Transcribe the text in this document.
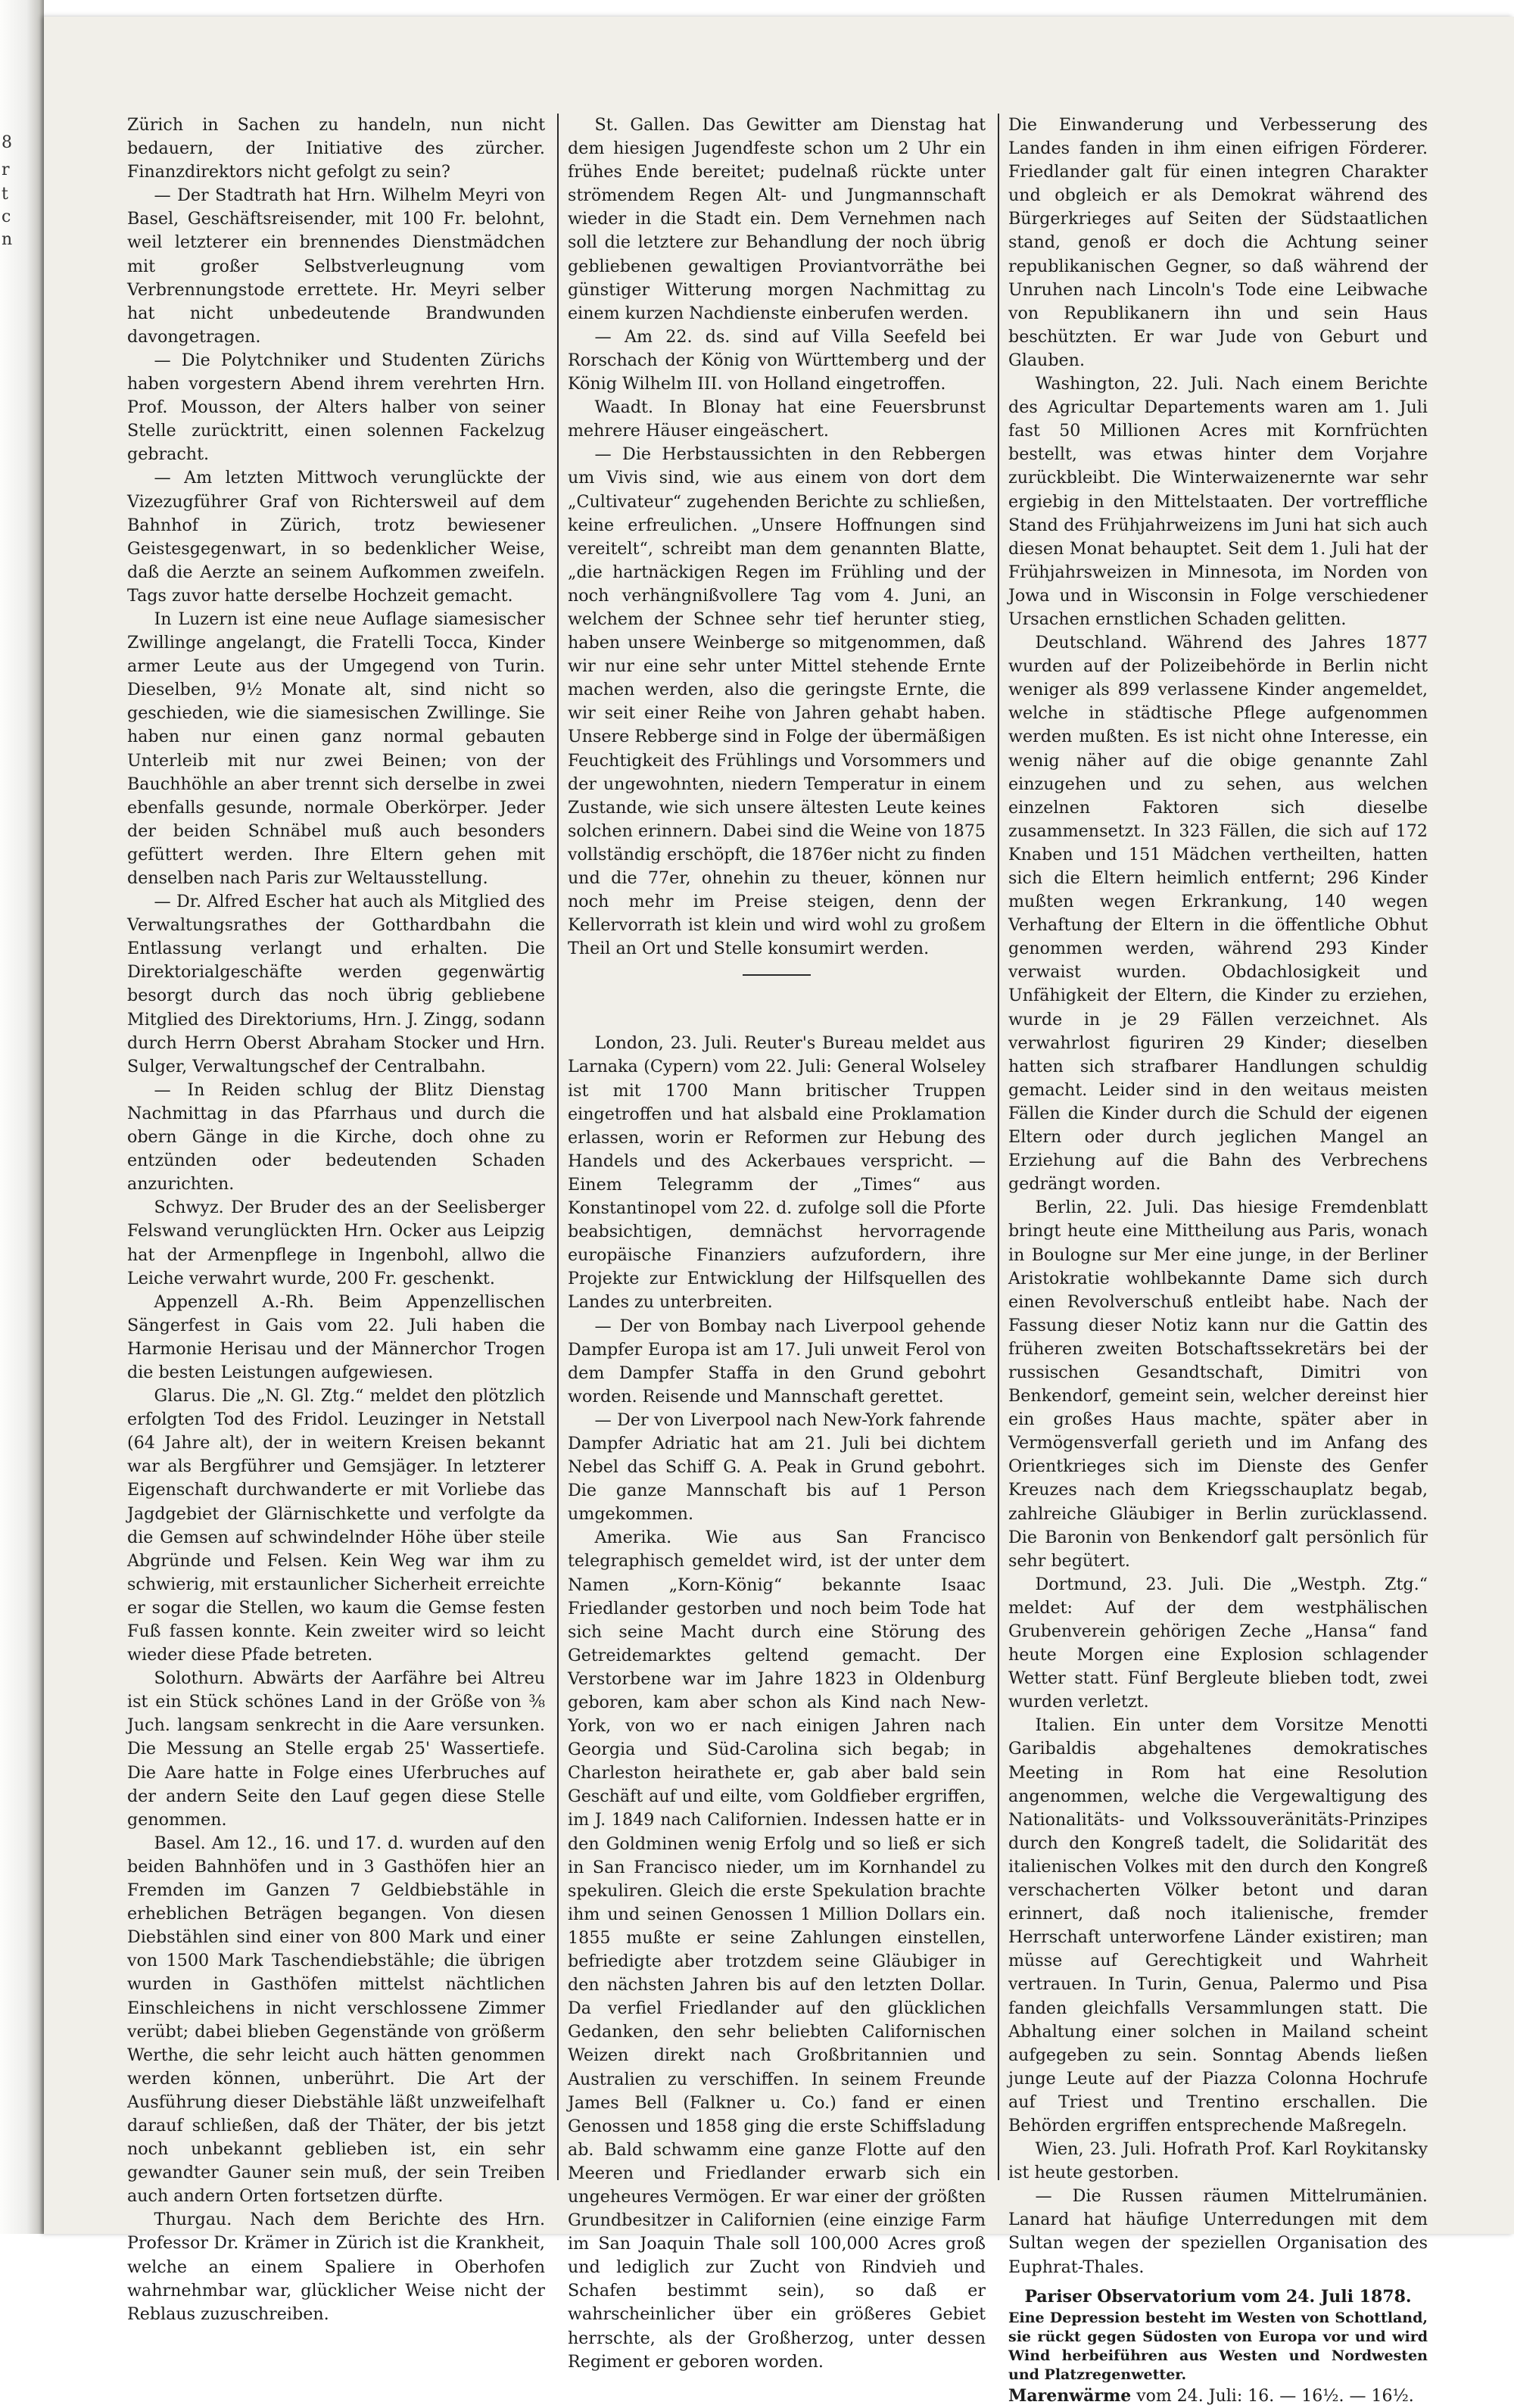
8
r
t
c
n

Zürich in Sachen zu handeln, nun nicht bedauern, der Initiative des zürcher. Finanzdirektors nicht gefolgt zu sein?

— Der Stadtrath hat Hrn. Wilhelm Meyri von Basel, Geschäftsreisender, mit 100 Fr. belohnt, weil letzterer ein brennendes Dienstmädchen mit großer Selbstverleugnung vom Verbrennungstode errettete. Hr. Meyri selber hat nicht unbedeutende Brandwunden davongetragen.

— Die Polytchniker und Studenten Zürichs haben vorgestern Abend ihrem verehrten Hrn. Prof. Mousson, der Alters halber von seiner Stelle zurücktritt, einen solennen Fackelzug gebracht.

— Am letzten Mittwoch verunglückte der Vizezugführer Graf von Richtersweil auf dem Bahnhof in Zürich, trotz bewiesener Geistesgegenwart, in so bedenklicher Weise, daß die Aerzte an seinem Aufkommen zweifeln. Tags zuvor hatte derselbe Hochzeit gemacht.

In Luzern ist eine neue Auflage siamesischer Zwillinge angelangt, die Fratelli Tocca, Kinder armer Leute aus der Umgegend von Turin. Dieselben, 9½ Monate alt, sind nicht so geschieden, wie die siamesischen Zwillinge. Sie haben nur einen ganz normal gebauten Unterleib mit nur zwei Beinen; von der Bauchhöhle an aber trennt sich derselbe in zwei ebenfalls gesunde, normale Oberkörper. Jeder der beiden Schnäbel muß auch besonders gefüttert werden. Ihre Eltern gehen mit denselben nach Paris zur Weltausstellung.

— Dr. Alfred Escher hat auch als Mitglied des Verwaltungsrathes der Gotthardbahn die Entlassung verlangt und erhalten. Die Direktorialgeschäfte werden gegenwärtig besorgt durch das noch übrig gebliebene Mitglied des Direktoriums, Hrn. J. Zingg, sodann durch Herrn Oberst Abraham Stocker und Hrn. Sulger, Verwaltungschef der Centralbahn.

— In Reiden schlug der Blitz Dienstag Nachmittag in das Pfarrhaus und durch die obern Gänge in die Kirche, doch ohne zu entzünden oder bedeutenden Schaden anzurichten.

Schwyz. Der Bruder des an der Seelisberger Felswand verunglückten Hrn. Ocker aus Leipzig hat der Armenpflege in Ingenbohl, allwo die Leiche verwahrt wurde, 200 Fr. geschenkt.

Appenzell A.-Rh. Beim Appenzellischen Sängerfest in Gais vom 22. Juli haben die Harmonie Herisau und der Männerchor Trogen die besten Leistungen aufgewiesen.

Glarus. Die „N. Gl. Ztg.“ meldet den plötzlich erfolgten Tod des Fridol. Leuzinger in Netstall (64 Jahre alt), der in weitern Kreisen bekannt war als Bergführer und Gemsjäger. In letzterer Eigenschaft durchwanderte er mit Vorliebe das Jagdgebiet der Glärnischkette und verfolgte da die Gemsen auf schwindelnder Höhe über steile Abgründe und Felsen. Kein Weg war ihm zu schwierig, mit erstaunlicher Sicherheit erreichte er sogar die Stellen, wo kaum die Gemse festen Fuß fassen konnte. Kein zweiter wird so leicht wieder diese Pfade betreten.

Solothurn. Abwärts der Aarfähre bei Altreu ist ein Stück schönes Land in der Größe von ⅜ Juch. langsam senkrecht in die Aare versunken. Die Messung an Stelle ergab 25' Wassertiefe. Die Aare hatte in Folge eines Uferbruches auf der andern Seite den Lauf gegen diese Stelle genommen.

Basel. Am 12., 16. und 17. d. wurden auf den beiden Bahnhöfen und in 3 Gasthöfen hier an Fremden im Ganzen 7 Geldbiebstähle in erheblichen Beträgen begangen. Von diesen Diebstählen sind einer von 800 Mark und einer von 1500 Mark Taschendiebstähle; die übrigen wurden in Gasthöfen mittelst nächtlichen Einschleichens in nicht verschlossene Zimmer verübt; dabei blieben Gegenstände von größerm Werthe, die sehr leicht auch hätten genommen werden können, unberührt. Die Art der Ausführung dieser Diebstähle läßt unzweifelhaft darauf schließen, daß der Thäter, der bis jetzt noch unbekannt geblieben ist, ein sehr gewandter Gauner sein muß, der sein Treiben auch andern Orten fortsetzen dürfte.

Thurgau. Nach dem Berichte des Hrn. Professor Dr. Krämer in Zürich ist die Krankheit, welche an einem Spaliere in Oberhofen wahrnehmbar war, glücklicher Weise nicht der Reblaus zuzuschreiben.

St. Gallen. Das Gewitter am Dienstag hat dem hiesigen Jugendfeste schon um 2 Uhr ein frühes Ende bereitet; pudelnaß rückte unter strömendem Regen Alt- und Jungmannschaft wieder in die Stadt ein. Dem Vernehmen nach soll die letztere zur Behandlung der noch übrig gebliebenen gewaltigen Proviantvorräthe bei günstiger Witterung morgen Nachmittag zu einem kurzen Nachdienste einberufen werden.

— Am 22. ds. sind auf Villa Seefeld bei Rorschach der König von Württemberg und der König Wilhelm III. von Holland eingetroffen.

Waadt. In Blonay hat eine Feuersbrunst mehrere Häuser eingeäschert.

— Die Herbstaussichten in den Rebbergen um Vivis sind, wie aus einem von dort dem „Cultivateur“ zugehenden Berichte zu schließen, keine erfreulichen. „Unsere Hoffnungen sind vereitelt“, schreibt man dem genannten Blatte, „die hartnäckigen Regen im Frühling und der noch verhängnißvollere Tag vom 4. Juni, an welchem der Schnee sehr tief herunter stieg, haben unsere Weinberge so mitgenommen, daß wir nur eine sehr unter Mittel stehende Ernte machen werden, also die geringste Ernte, die wir seit einer Reihe von Jahren gehabt haben. Unsere Rebberge sind in Folge der übermäßigen Feuchtigkeit des Frühlings und Vorsommers und der ungewohnten, niedern Temperatur in einem Zustande, wie sich unsere ältesten Leute keines solchen erinnern. Dabei sind die Weine von 1875 vollständig erschöpft, die 1876er nicht zu finden und die 77er, ohnehin zu theuer, können nur noch mehr im Preise steigen, denn der Kellervorrath ist klein und wird wohl zu großem Theil an Ort und Stelle konsumirt werden.

London, 23. Juli. Reuter's Bureau meldet aus Larnaka (Cypern) vom 22. Juli: General Wolseley ist mit 1700 Mann britischer Truppen eingetroffen und hat alsbald eine Proklamation erlassen, worin er Reformen zur Hebung des Handels und des Ackerbaues verspricht. — Einem Telegramm der „Times“ aus Konstantinopel vom 22. d. zufolge soll die Pforte beabsichtigen, demnächst hervorragende europäische Finanziers aufzufordern, ihre Projekte zur Entwicklung der Hilfsquellen des Landes zu unterbreiten.

— Der von Bombay nach Liverpool gehende Dampfer Europa ist am 17. Juli unweit Ferol von dem Dampfer Staffa in den Grund gebohrt worden. Reisende und Mannschaft gerettet.

— Der von Liverpool nach New-York fahrende Dampfer Adriatic hat am 21. Juli bei dichtem Nebel das Schiff G. A. Peak in Grund gebohrt. Die ganze Mannschaft bis auf 1 Person umgekommen.

Amerika. Wie aus San Francisco telegraphisch gemeldet wird, ist der unter dem Namen „Korn-König“ bekannte Isaac Friedlander gestorben und noch beim Tode hat sich seine Macht durch eine Störung des Getreidemarktes geltend gemacht. Der Verstorbene war im Jahre 1823 in Oldenburg geboren, kam aber schon als Kind nach New-York, von wo er nach einigen Jahren nach Georgia und Süd-Carolina sich begab; in Charleston heirathete er, gab aber bald sein Geschäft auf und eilte, vom Goldfieber ergriffen, im J. 1849 nach Californien. Indessen hatte er in den Goldminen wenig Erfolg und so ließ er sich in San Francisco nieder, um im Kornhandel zu spekuliren. Gleich die erste Spekulation brachte ihm und seinen Genossen 1 Million Dollars ein. 1855 mußte er seine Zahlungen einstellen, befriedigte aber trotzdem seine Gläubiger in den nächsten Jahren bis auf den letzten Dollar. Da verfiel Friedlander auf den glücklichen Gedanken, den sehr beliebten Californischen Weizen direkt nach Großbritannien und Australien zu verschiffen. In seinem Freunde James Bell (Falkner u. Co.) fand er einen Genossen und 1858 ging die erste Schiffsladung ab. Bald schwamm eine ganze Flotte auf den Meeren und Friedlander erwarb sich ein ungeheures Vermögen. Er war einer der größten Grundbesitzer in Californien (eine einzige Farm im San Joaquin Thale soll 100,000 Acres groß und lediglich zur Zucht von Rindvieh und Schafen bestimmt sein), so daß er wahrscheinlicher über ein größeres Gebiet herrschte, als der Großherzog, unter dessen Regiment er geboren worden.

Die Einwanderung und Verbesserung des Landes fanden in ihm einen eifrigen Förderer. Friedlander galt für einen integren Charakter und obgleich er als Demokrat während des Bürgerkrieges auf Seiten der Südstaatlichen stand, genoß er doch die Achtung seiner republikanischen Gegner, so daß während der Unruhen nach Lincoln's Tode eine Leibwache von Republikanern ihn und sein Haus beschützten. Er war Jude von Geburt und Glauben.

Washington, 22. Juli. Nach einem Berichte des Agricultar Departements waren am 1. Juli fast 50 Millionen Acres mit Kornfrüchten bestellt, was etwas hinter dem Vorjahre zurückbleibt. Die Winterwaizenernte war sehr ergiebig in den Mittelstaaten. Der vortreffliche Stand des Frühjahrweizens im Juni hat sich auch diesen Monat behauptet. Seit dem 1. Juli hat der Frühjahrsweizen in Minnesota, im Norden von Jowa und in Wisconsin in Folge verschiedener Ursachen ernstlichen Schaden gelitten.

Deutschland. Während des Jahres 1877 wurden auf der Polizeibehörde in Berlin nicht weniger als 899 verlassene Kinder angemeldet, welche in städtische Pflege aufgenommen werden mußten. Es ist nicht ohne Interesse, ein wenig näher auf die obige genannte Zahl einzugehen und zu sehen, aus welchen einzelnen Faktoren sich dieselbe zusammensetzt. In 323 Fällen, die sich auf 172 Knaben und 151 Mädchen vertheilten, hatten sich die Eltern heimlich entfernt; 296 Kinder mußten wegen Erkrankung, 140 wegen Verhaftung der Eltern in die öffentliche Obhut genommen werden, während 293 Kinder verwaist wurden. Obdachlosigkeit und Unfähigkeit der Eltern, die Kinder zu erziehen, wurde in je 29 Fällen verzeichnet. Als verwahrlost figuriren 29 Kinder; dieselben hatten sich strafbarer Handlungen schuldig gemacht. Leider sind in den weitaus meisten Fällen die Kinder durch die Schuld der eigenen Eltern oder durch jeglichen Mangel an Erziehung auf die Bahn des Verbrechens gedrängt worden.

Berlin, 22. Juli. Das hiesige Fremdenblatt bringt heute eine Mittheilung aus Paris, wonach in Boulogne sur Mer eine junge, in der Berliner Aristokratie wohlbekannte Dame sich durch einen Revolverschuß entleibt habe. Nach der Fassung dieser Notiz kann nur die Gattin des früheren zweiten Botschaftssekretärs bei der russischen Gesandtschaft, Dimitri von Benkendorf, gemeint sein, welcher dereinst hier ein großes Haus machte, später aber in Vermögensverfall gerieth und im Anfang des Orientkrieges sich im Dienste des Genfer Kreuzes nach dem Kriegsschauplatz begab, zahlreiche Gläubiger in Berlin zurücklassend. Die Baronin von Benkendorf galt persönlich für sehr begütert.

Dortmund, 23. Juli. Die „Westph. Ztg.“ meldet: Auf der dem westphälischen Grubenverein gehörigen Zeche „Hansa“ fand heute Morgen eine Explosion schlagender Wetter statt. Fünf Bergleute blieben todt, zwei wurden verletzt.

Italien. Ein unter dem Vorsitze Menotti Garibaldis abgehaltenes demokratisches Meeting in Rom hat eine Resolution angenommen, welche die Vergewaltigung des Nationalitäts- und Volkssouveränitäts-Prinzipes durch den Kongreß tadelt, die Solidarität des italienischen Volkes mit den durch den Kongreß verschacherten Völker betont und daran erinnert, daß noch italienische, fremder Herrschaft unterworfene Länder existiren; man müsse auf Gerechtigkeit und Wahrheit vertrauen. In Turin, Genua, Palermo und Pisa fanden gleichfalls Versammlungen statt. Die Abhaltung einer solchen in Mailand scheint aufgegeben zu sein. Sonntag Abends ließen junge Leute auf der Piazza Colonna Hochrufe auf Triest und Trentino erschallen. Die Behörden ergriffen entsprechende Maßregeln.

Wien, 23. Juli. Hofrath Prof. Karl Roykitansky ist heute gestorben.

— Die Russen räumen Mittelrumänien. Lanard hat häufige Unterredungen mit dem Sultan wegen der speziellen Organisation des Euphrat-Thales.

Pariser Observatorium vom 24. Juli 1878.

Eine Depression besteht im Westen von Schottland, sie rückt gegen Südosten von Europa vor und wird Wind herbeiführen aus Westen und Nordwesten und Platzregenwetter.

Marenwärme vom 24. Juli: 16. — 16½. — 16½.
